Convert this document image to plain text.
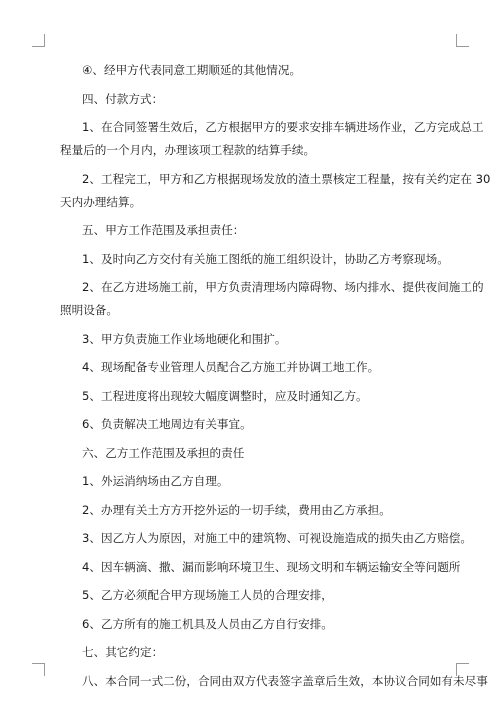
④、经甲方代表同意工期顺延的其他情况。
四、付款方式：
1、在合同签署生效后，乙方根据甲方的要求安排车辆进场作业，乙方完成总工
程量后的一个月内，办理该项工程款的结算手续。
2、工程完工，甲方和乙方根据现场发放的渣土票核定工程量，按有关约定在 30
天内办理结算。
五、甲方工作范围及承担责任：
1、及时向乙方交付有关施工图纸的施工组织设计，协助乙方考察现场。
2、在乙方进场施工前，甲方负责清理场内障碍物、场内排水、提供夜间施工的
照明设备。
3、甲方负责施工作业场地硬化和围扩。
4、现场配备专业管理人员配合乙方施工并协调工地工作。
5、工程进度将出现较大幅度调整时，应及时通知乙方。
6、负责解决工地周边有关事宜。
六、乙方工作范围及承担的责任
1、外运消纳场由乙方自理。
2、办理有关土方方开挖外运的一切手续，费用由乙方承担。
3、因乙方人为原因，对施工中的建筑物、可视设施造成的损失由乙方赔偿。
4、因车辆滴、撒、漏而影响环境卫生、现场文明和车辆运输安全等问题所
5、乙方必须配合甲方现场施工人员的合理安排，
6、乙方所有的施工机具及人员由乙方自行安排。
七、其它约定：
八、本合同一式二份，合同由双方代表签字盖章后生效，本协议合同如有未尽事
